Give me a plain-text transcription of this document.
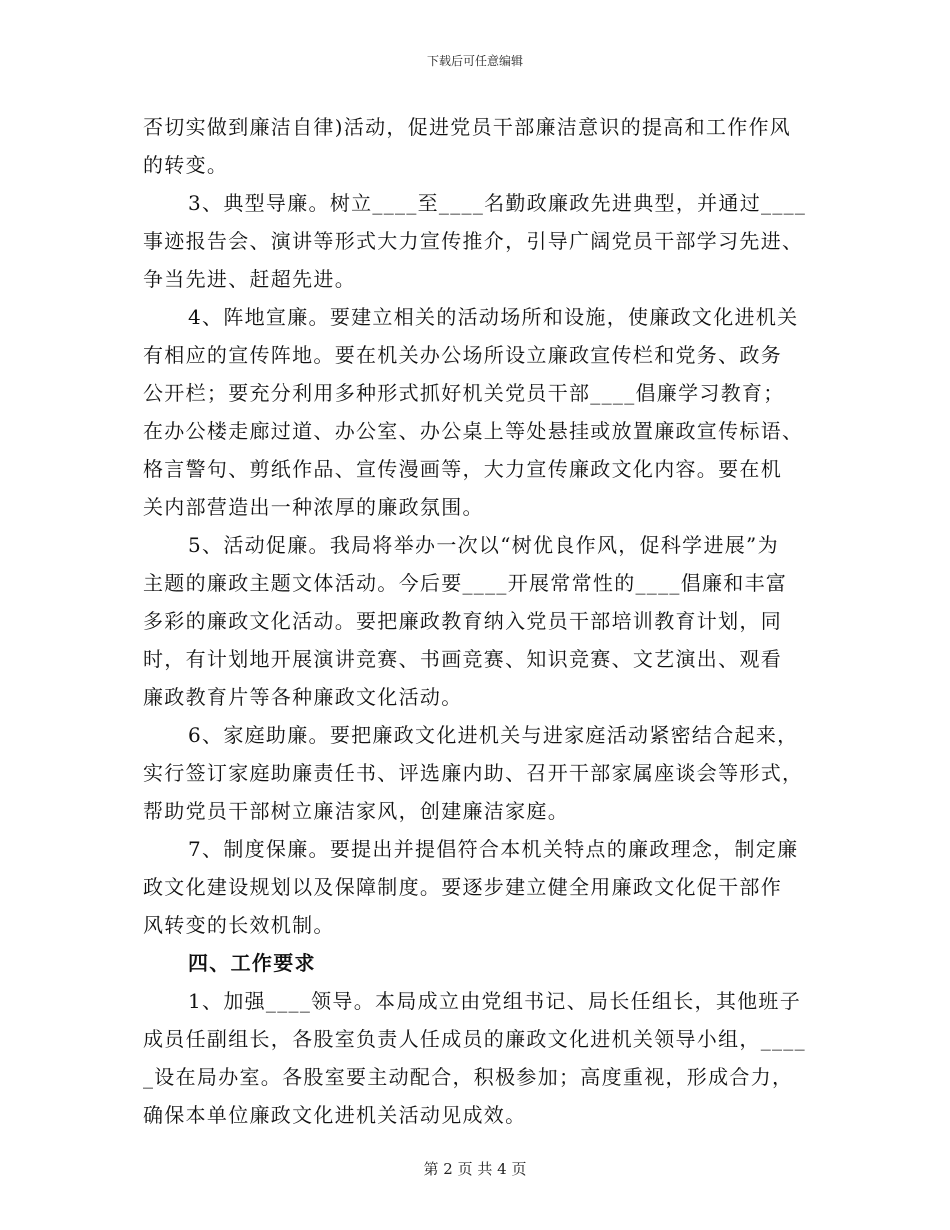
下载后可任意编辑
否切实做到廉洁自律)活动，促进党员干部廉洁意识的提高和工作作风
的转变。
3、典型导廉。树立____至____名勤政廉政先进典型，并通过____
事迹报告会、演讲等形式大力宣传推介，引导广阔党员干部学习先进、
争当先进、赶超先进。
4、阵地宣廉。要建立相关的活动场所和设施，使廉政文化进机关
有相应的宣传阵地。要在机关办公场所设立廉政宣传栏和党务、政务
公开栏；要充分利用多种形式抓好机关党员干部____倡廉学习教育；
在办公楼走廊过道、办公室、办公桌上等处悬挂或放置廉政宣传标语、
格言警句、剪纸作品、宣传漫画等，大力宣传廉政文化内容。要在机
关内部营造出一种浓厚的廉政氛围。
5、活动促廉。我局将举办一次以“树优良作风，促科学进展”为
主题的廉政主题文体活动。今后要____开展常常性的____倡廉和丰富
多彩的廉政文化活动。要把廉政教育纳入党员干部培训教育计划，同
时，有计划地开展演讲竞赛、书画竞赛、知识竞赛、文艺演出、观看
廉政教育片等各种廉政文化活动。
6、家庭助廉。要把廉政文化进机关与进家庭活动紧密结合起来，
实行签订家庭助廉责任书、评选廉内助、召开干部家属座谈会等形式，
帮助党员干部树立廉洁家风，创建廉洁家庭。
7、制度保廉。要提出并提倡符合本机关特点的廉政理念，制定廉
政文化建设规划以及保障制度。要逐步建立健全用廉政文化促干部作
风转变的长效机制。
四、工作要求
1、加强____领导。本局成立由党组书记、局长任组长，其他班子
成员任副组长，各股室负责人任成员的廉政文化进机关领导小组，____
_设在局办室。各股室要主动配合，积极参加；高度重视，形成合力，
确保本单位廉政文化进机关活动见成效。
第 2 页 共 4 页
